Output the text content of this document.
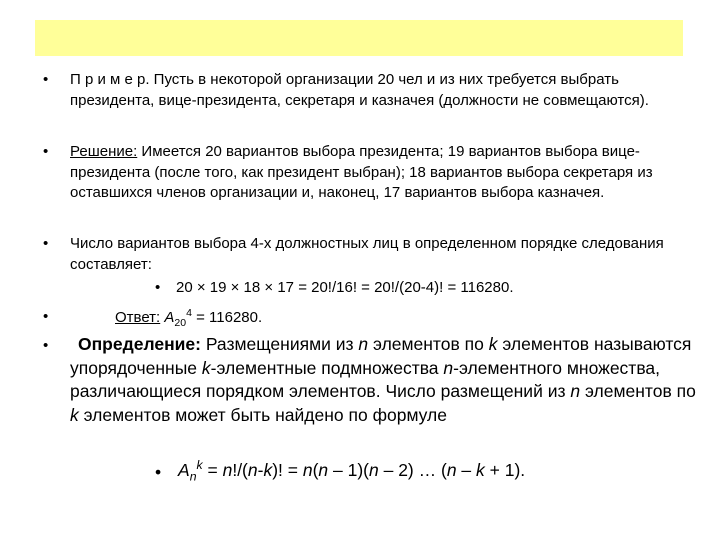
• П р и м е р. Пусть в некоторой организации 20 чел и из них требуется выбрать президента, вице-президента, секретаря и казначея (должности не совмещаются).
• Решение: Имеется 20 вариантов выбора президента; 19 вариантов выбора вице-президента (после того, как президент выбран); 18 вариантов выбора секретаря из оставшихся членов организации и, наконец, 17 вариантов выбора казначея.
• Число вариантов выбора 4-х должностных лиц в определенном порядке следования составляет:
• 20 × 19 × 18 × 17 = 20!/16! = 20!/(20-4)! = 116280.
•	Ответ: $A_{20}^4 = 116280$.
•	Определение: Размещениями из n элементов по k элементов называются упорядоченные k-элементные подмножества n-элементного множества, различающиеся порядком элементов. Число размещений из n элементов по k элементов может быть найдено по формуле
• $A_n^k = n!/(n-k)$! = n(n – 1)(n – 2) … (n – k + 1).
